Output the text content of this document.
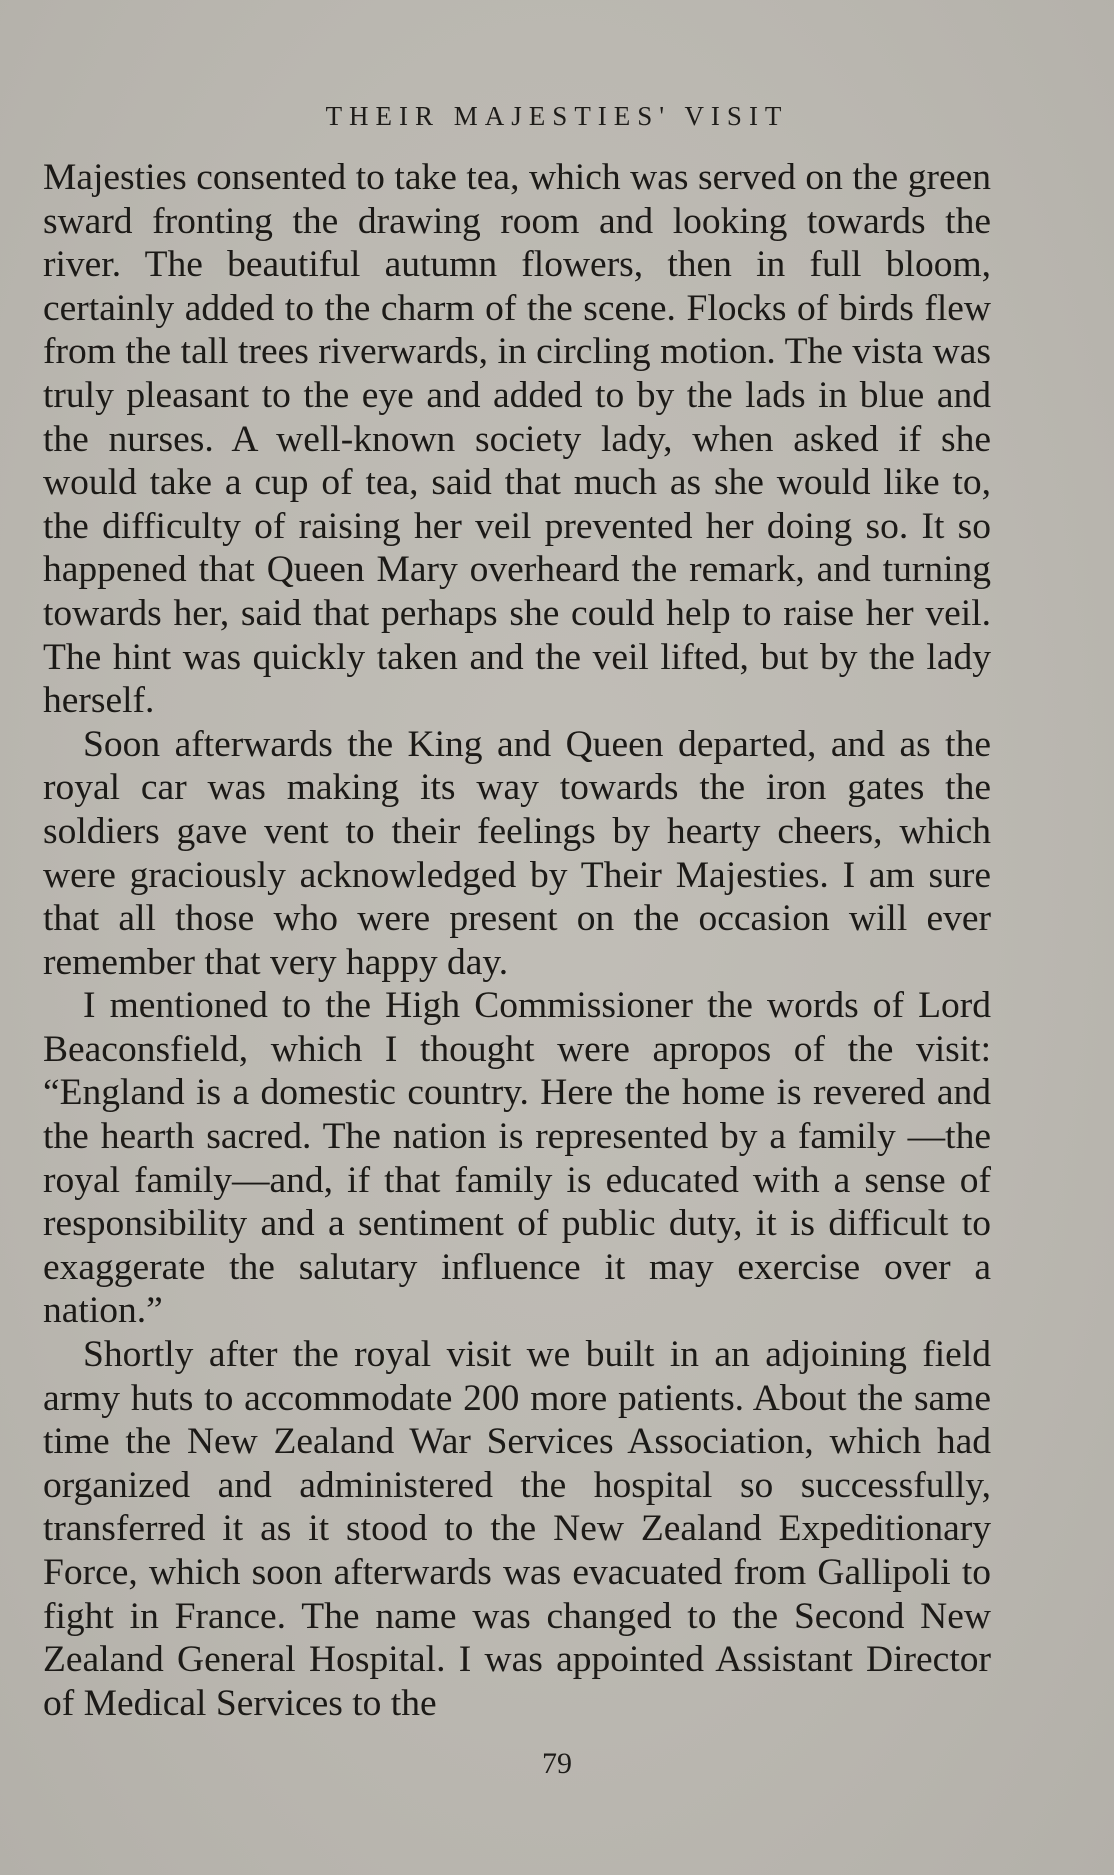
THEIR MAJESTIES' VISIT

Majesties consented to take tea, which was served on the green sward fronting the drawing room and looking towards the river. The beautiful autumn flowers, then in full bloom, certainly added to the charm of the scene. Flocks of birds flew from the tall trees riverwards, in circling motion. The vista was truly pleasant to the eye and added to by the lads in blue and the nurses. A well-known society lady, when asked if she would take a cup of tea, said that much as she would like to, the difficulty of raising her veil prevented her doing so. It so happened that Queen Mary overheard the remark, and turning towards her, said that perhaps she could help to raise her veil. The hint was quickly taken and the veil lifted, but by the lady herself.

Soon afterwards the King and Queen departed, and as the royal car was making its way towards the iron gates the soldiers gave vent to their feelings by hearty cheers, which were graciously acknowledged by Their Majesties. I am sure that all those who were present on the occasion will ever remember that very happy day.

I mentioned to the High Commissioner the words of Lord Beaconsfield, which I thought were apropos of the visit: “England is a domestic country. Here the home is revered and the hearth sacred. The nation is represented by a family —the royal family—and, if that family is educated with a sense of responsibility and a sentiment of public duty, it is difficult to exaggerate the salutary influence it may exercise over a nation.”

Shortly after the royal visit we built in an adjoining field army huts to accommodate 200 more patients. About the same time the New Zealand War Services Association, which had organized and administered the hospital so successfully, transferred it as it stood to the New Zealand Expeditionary Force, which soon afterwards was evacuated from Gallipoli to fight in France. The name was changed to the Second New Zealand General Hospital. I was appointed Assistant Director of Medical Services to the

79
